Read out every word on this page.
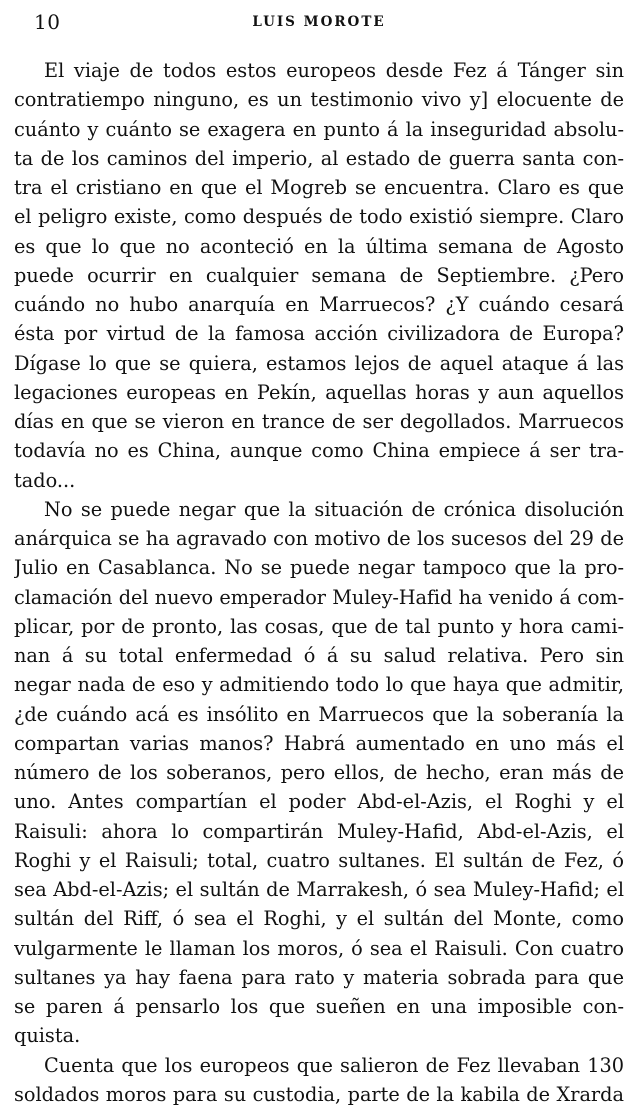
10	LUIS MOROTE
El viaje de todos estos europeos desde Fez á Tánger sin
contratiempo ninguno, es un testimonio vivo y] elocuente de
cuánto y cuánto se exagera en punto á la inseguridad absolu-
ta de los caminos del imperio, al estado de guerra santa con-
tra el cristiano en que el Mogreb se encuentra. Claro es que
el peligro existe, como después de todo existió siempre. Claro
es que lo que no aconteció en la última semana de Agosto
puede ocurrir en cualquier semana de Septiembre. ¿Pero
cuándo no hubo anarquía en Marruecos? ¿Y cuándo cesará
ésta por virtud de la famosa acción civilizadora de Europa?
Dígase lo que se quiera, estamos lejos de aquel ataque á las
legaciones europeas en Pekín, aquellas horas y aun aquellos
días en que se vieron en trance de ser degollados. Marruecos
todavía no es China, aunque como China empiece á ser tra-
tado...
No se puede negar que la situación de crónica disolución
anárquica se ha agravado con motivo de los sucesos del 29 de
Julio en Casablanca. No se puede negar tampoco que la pro-
clamación del nuevo emperador Muley-Hafid ha venido á com-
plicar, por de pronto, las cosas, que de tal punto y hora cami-
nan á su total enfermedad ó á su salud relativa. Pero sin
negar nada de eso y admitiendo todo lo que haya que admitir,
¿de cuándo acá es insólito en Marruecos que la soberanía la
compartan varias manos? Habrá aumentado en uno más el
número de los soberanos, pero ellos, de hecho, eran más de
uno. Antes compartían el poder Abd-el-Azis, el Roghi y el
Raisuli: ahora lo compartirán Muley-Hafid, Abd-el-Azis, el
Roghi y el Raisuli; total, cuatro sultanes. El sultán de Fez, ó
sea Abd-el-Azis; el sultán de Marrakesh, ó sea Muley-Hafid; el
sultán del Riff, ó sea el Roghi, y el sultán del Monte, como
vulgarmente le llaman los moros, ó sea el Raisuli. Con cuatro
sultanes ya hay faena para rato y materia sobrada para que
se paren á pensarlo los que sueñen en una imposible con-
quista.
Cuenta que los europeos que salieron de Fez llevaban 130
soldados moros para su custodia, parte de la kabila de Xrarda
